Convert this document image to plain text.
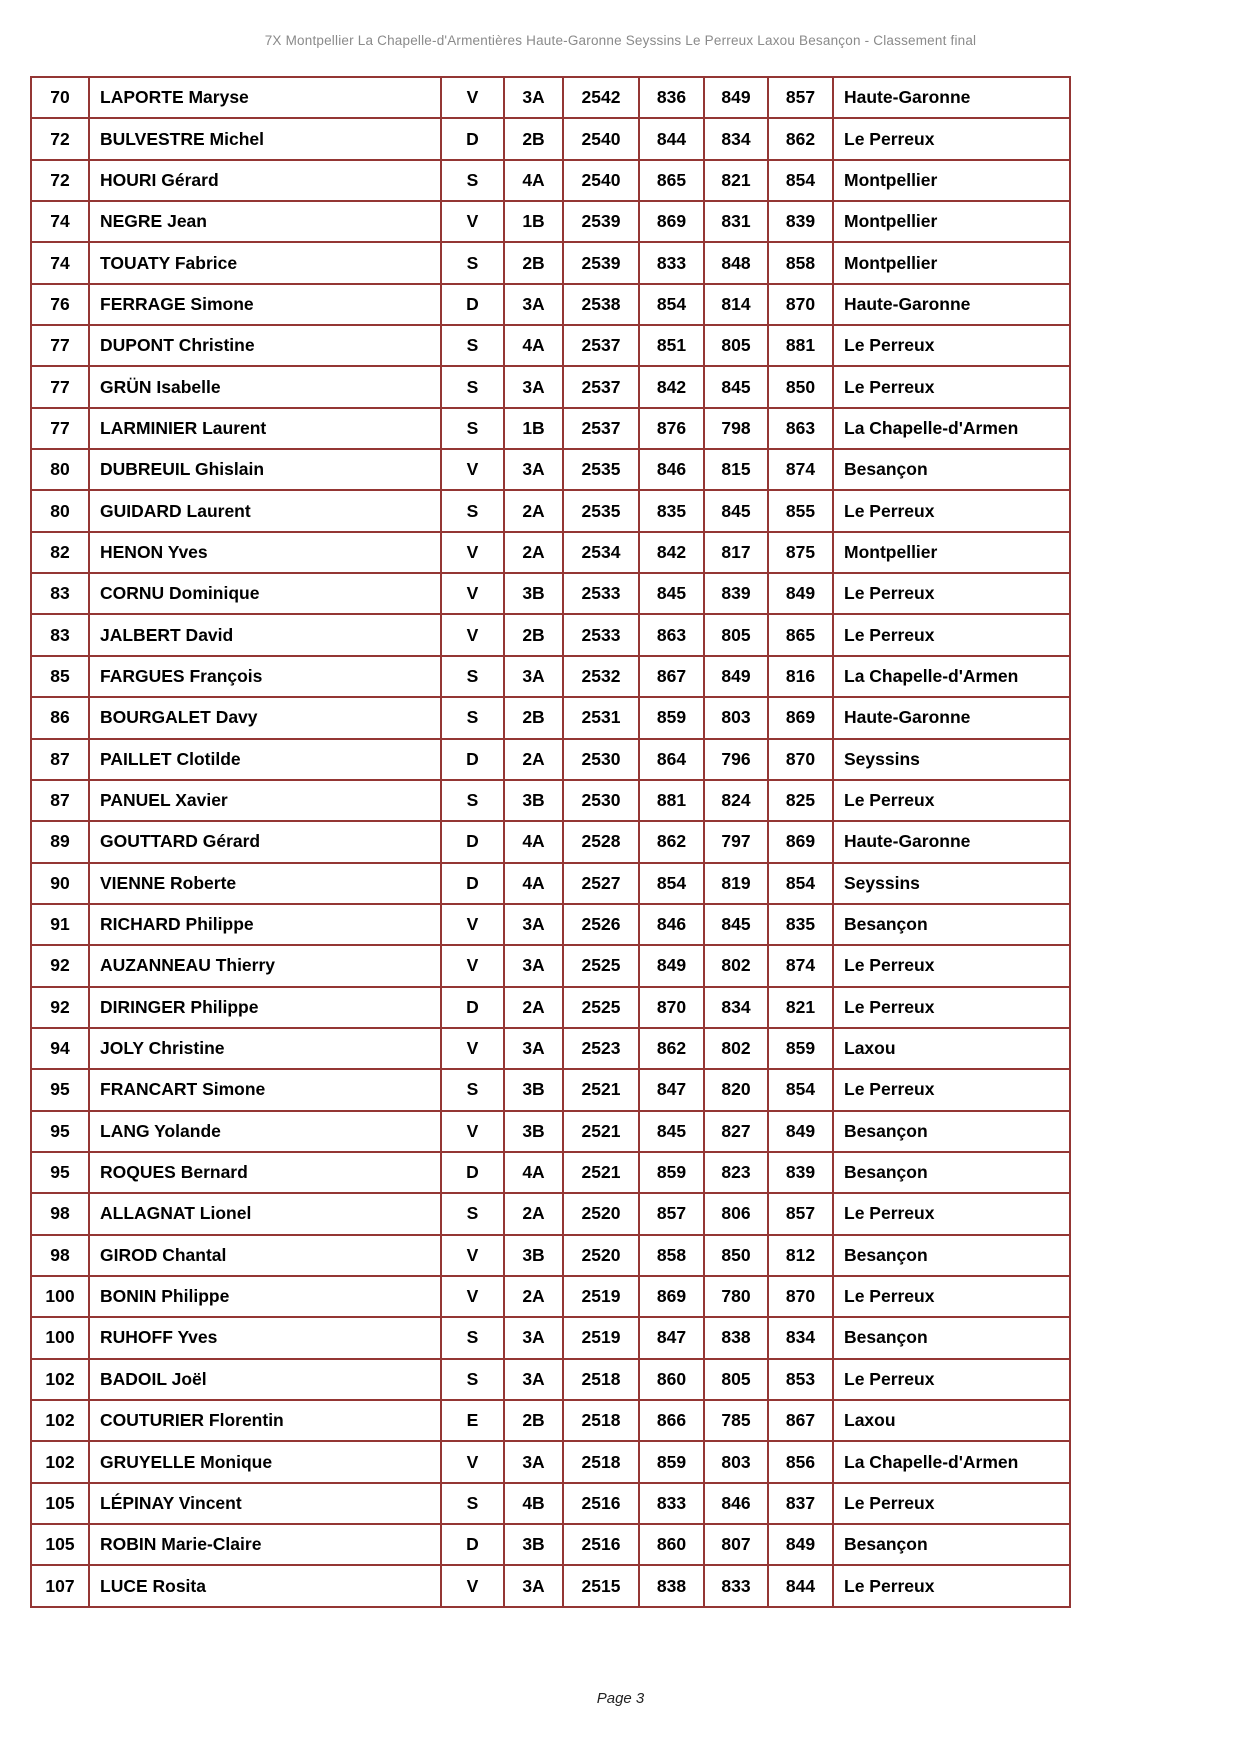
7X Montpellier La Chapelle-d'Armentières Haute-Garonne Seyssins Le Perreux Laxou Besançon - Classement final
70	LAPORTE Maryse	V	3A	2542	836	849	857	Haute-Garonne
72	BULVESTRE Michel	D	2B	2540	844	834	862	Le Perreux
72	HOURI Gérard	S	4A	2540	865	821	854	Montpellier
74	NEGRE Jean	V	1B	2539	869	831	839	Montpellier
74	TOUATY Fabrice	S	2B	2539	833	848	858	Montpellier
76	FERRAGE Simone	D	3A	2538	854	814	870	Haute-Garonne
77	DUPONT Christine	S	4A	2537	851	805	881	Le Perreux
77	GRÜN Isabelle	S	3A	2537	842	845	850	Le Perreux
77	LARMINIER Laurent	S	1B	2537	876	798	863	La Chapelle-d'Armen
80	DUBREUIL Ghislain	V	3A	2535	846	815	874	Besançon
80	GUIDARD Laurent	S	2A	2535	835	845	855	Le Perreux
82	HENON Yves	V	2A	2534	842	817	875	Montpellier
83	CORNU Dominique	V	3B	2533	845	839	849	Le Perreux
83	JALBERT David	V	2B	2533	863	805	865	Le Perreux
85	FARGUES François	S	3A	2532	867	849	816	La Chapelle-d'Armen
86	BOURGALET Davy	S	2B	2531	859	803	869	Haute-Garonne
87	PAILLET Clotilde	D	2A	2530	864	796	870	Seyssins
87	PANUEL Xavier	S	3B	2530	881	824	825	Le Perreux
89	GOUTTARD Gérard	D	4A	2528	862	797	869	Haute-Garonne
90	VIENNE Roberte	D	4A	2527	854	819	854	Seyssins
91	RICHARD Philippe	V	3A	2526	846	845	835	Besançon
92	AUZANNEAU Thierry	V	3A	2525	849	802	874	Le Perreux
92	DIRINGER Philippe	D	2A	2525	870	834	821	Le Perreux
94	JOLY Christine	V	3A	2523	862	802	859	Laxou
95	FRANCART Simone	S	3B	2521	847	820	854	Le Perreux
95	LANG Yolande	V	3B	2521	845	827	849	Besançon
95	ROQUES Bernard	D	4A	2521	859	823	839	Besançon
98	ALLAGNAT Lionel	S	2A	2520	857	806	857	Le Perreux
98	GIROD Chantal	V	3B	2520	858	850	812	Besançon
100	BONIN Philippe	V	2A	2519	869	780	870	Le Perreux
100	RUHOFF Yves	S	3A	2519	847	838	834	Besançon
102	BADOIL Joël	S	3A	2518	860	805	853	Le Perreux
102	COUTURIER Florentin	E	2B	2518	866	785	867	Laxou
102	GRUYELLE Monique	V	3A	2518	859	803	856	La Chapelle-d'Armen
105	LÉPINAY Vincent	S	4B	2516	833	846	837	Le Perreux
105	ROBIN Marie-Claire	D	3B	2516	860	807	849	Besançon
107	LUCE Rosita	V	3A	2515	838	833	844	Le Perreux
Page 3
